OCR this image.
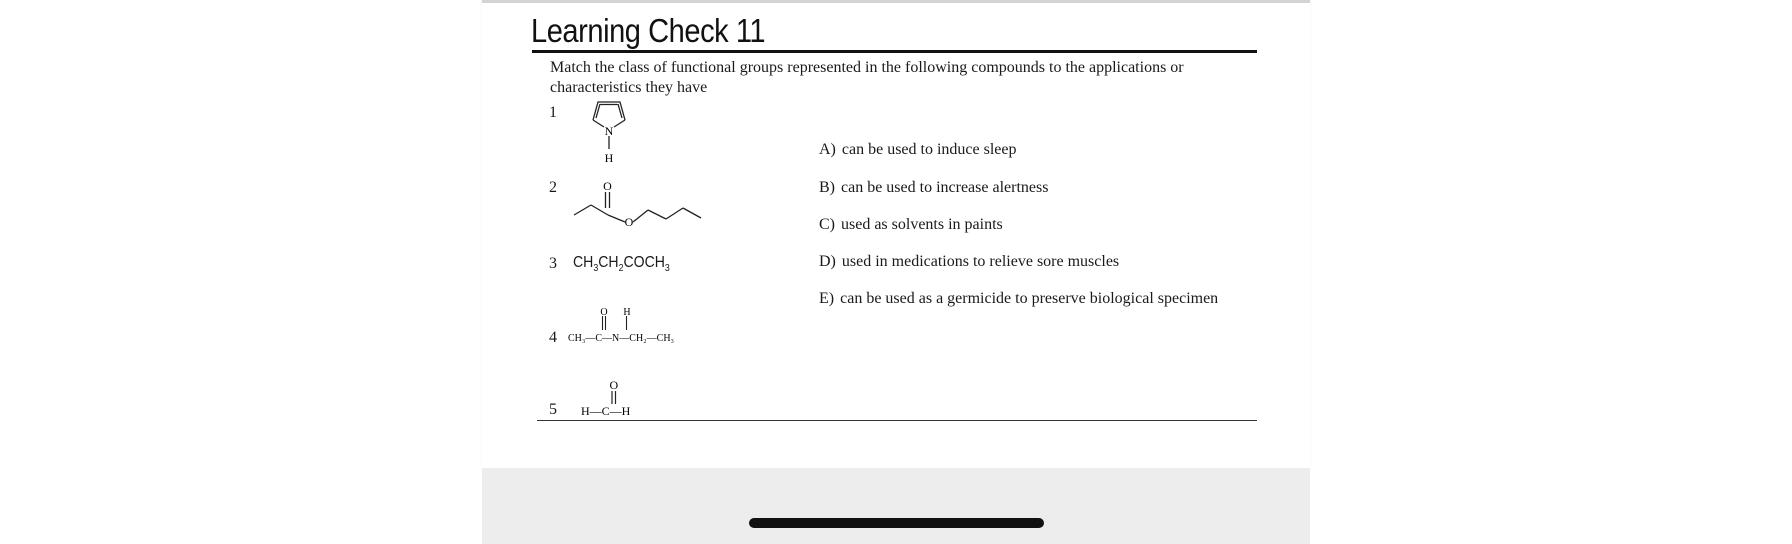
Learning Check 11
Match the class of functional groups represented in the following compounds to the applications or characteristics they have
1
N
H
2	O
O
3 $CH_3CH_2COCH_3$
4
O H
CH₃—C—N—CH₂—CH₃
5
O
H—C—H
A) can be used to induce sleep
B) can be used to increase alertness
C) used as solvents in paints
D) used in medications to relieve sore muscles
E) can be used as a germicide to preserve biological specimen
